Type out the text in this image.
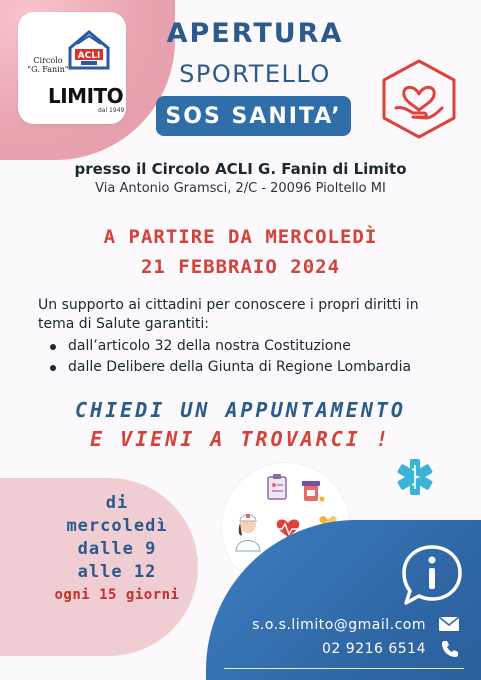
ACLI
Circolo
"G. Fanin"
LIMITO
dal 1949
APERTURA
SPORTELLO
SOS SANITA’
presso il Circolo ACLI G. Fanin di Limito
Via Antonio Gramsci, 2/C - 20096 Pioltello MI
A PARTIRE DA MERCOLEDÌ
21 FEBBRAIO 2024
Un supporto ai cittadini per conoscere i propri diritti in tema di Salute garantiti:
dall’articolo 32 della nostra Costituzione
dalle Delibere della Giunta di Regione Lombardia
CHIEDI UN APPUNTAMENTO
E VIENI A TROVARCI !
di
mercoledì
dalle 9
alle 12
ogni 15 giorni
s.o.s.limito@gmail.com
02 9216 6514
